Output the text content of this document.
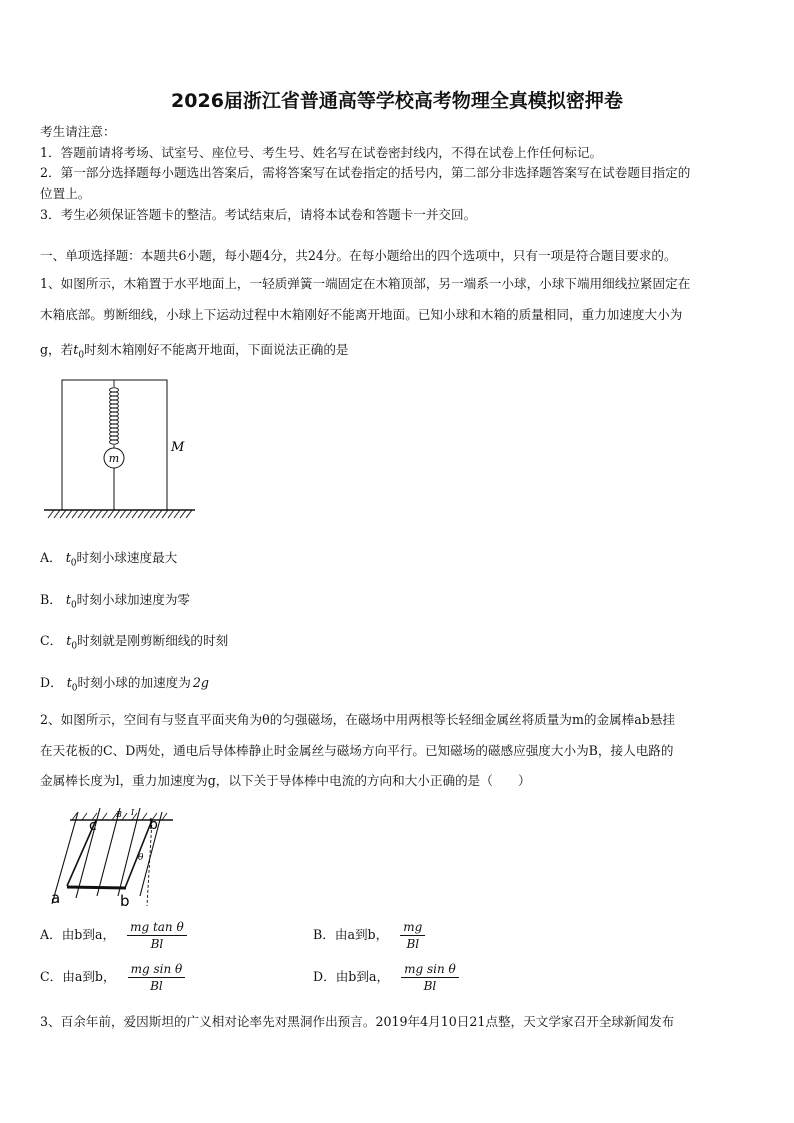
2026届浙江省普通高等学校高考物理全真模拟密押卷
考生请注意：
1．答题前请将考场、试室号、座位号、考生号、姓名写在试卷密封线内，不得在试卷上作任何标记。
2．第一部分选择题每小题选出答案后，需将答案写在试卷指定的括号内，第二部分非选择题答案写在试卷题目指定的
位置上。
3．考生必须保证答题卡的整洁。考试结束后，请将本试卷和答题卡一并交回。
一、单项选择题：本题共6小题，每小题4分，共24分。在每小题给出的四个选项中，只有一项是符合题目要求的。
1、如图所示，木箱置于水平地面上，一轻质弹簧一端固定在木箱顶部，另一端系一小球，小球下端用细线拉紧固定在
木箱底部。剪断细线，小球上下运动过程中木箱刚好不能离开地面。已知小球和木箱的质量相同，重力加速度大小为
g，若$t_0$时刻木箱刚好不能离开地面，下面说法正确的是
m
M
A． $t_0$时刻小球速度最大
B． $t_0$时刻小球加速度为零
C． $t_0$时刻就是刚剪断细线的时刻
D． $t_0$时刻小球的加速度为 2g
2、如图所示，空间有与竖直平面夹角为θ的匀强磁场，在磁场中用两根等长轻细金属丝将质量为m的金属棒ab悬挂
在天花板的C、D两处，通电后导体棒静止时金属丝与磁场方向平行。已知磁场的磁感应强度大小为B，接人电路的
金属棒长度为l，重力加速度为g，以下关于导体棒中电流的方向和大小正确的是（　　）
c	b
B I
θ
a	b
A．由b到a， $\frac{\text{mg tan θ}}{Bl}$	B．由a到b， $\frac{mg}{Bl}$
C．由a到b， $\frac{\text{mg sin θ}}{Bl}$	D．由b到a， $\frac{\text{mg sin θ}}{Bl}$
3、百余年前，爱因斯坦的广义相对论率先对黑洞作出预言。2019年4月10日21点整，天文学家召开全球新闻发布
